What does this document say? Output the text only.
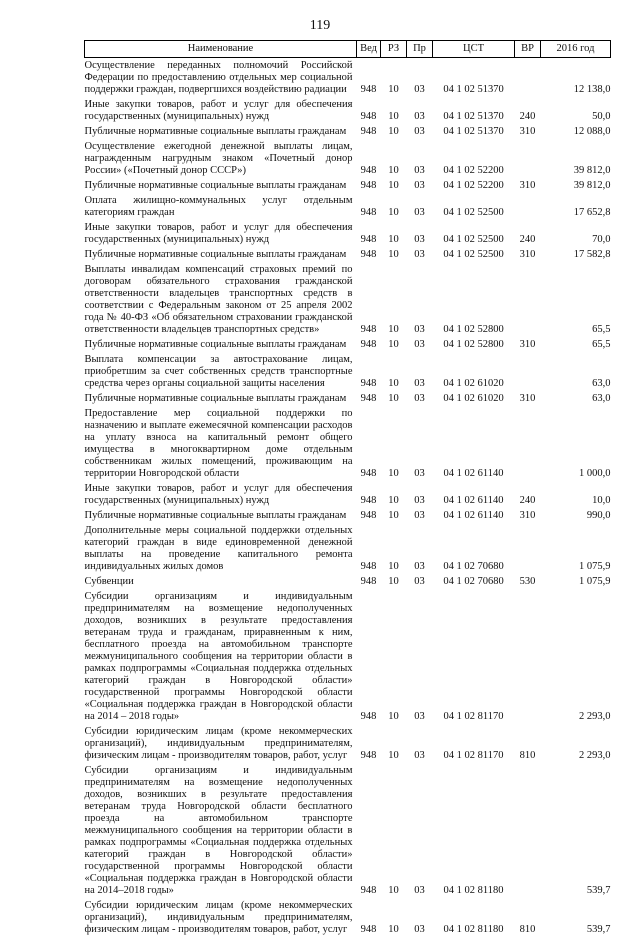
119
Наименование	Вед	РЗ	Пр	ЦСТ	ВР	2016 год
Осуществление переданных полномочий Российской Федерации по предоставлению отдельных мер социальной поддержки граждан, подвергшихся воздействию радиации	948	10	03	04 1 02 51370		12 138,0
Иные закупки товаров, работ и услуг для обеспечения государственных (муниципальных) нужд	948	10	03	04 1 02 51370	240	50,0
Публичные нормативные социальные выплаты гражданам	948	10	03	04 1 02 51370	310	12 088,0
Осуществление ежегодной денежной выплаты лицам, награжденным нагрудным знаком «Почетный донор России» («Почетный донор СССР»)	948	10	03	04 1 02 52200		39 812,0
Публичные нормативные социальные выплаты гражданам	948	10	03	04 1 02 52200	310	39 812,0
Оплата жилищно-коммунальных услуг отдельным категориям граждан	948	10	03	04 1 02 52500		17 652,8
Иные закупки товаров, работ и услуг для обеспечения государственных (муниципальных) нужд	948	10	03	04 1 02 52500	240	70,0
Публичные нормативные социальные выплаты гражданам	948	10	03	04 1 02 52500	310	17 582,8
Выплаты инвалидам компенсаций страховых премий по договорам обязательного страхования гражданской ответственности владельцев транспортных средств в соответствии с Федеральным законом от 25 апреля 2002 года № 40-ФЗ «Об обязательном страховании гражданской ответственности владельцев транспортных средств»	948	10	03	04 1 02 52800		65,5
Публичные нормативные социальные выплаты гражданам	948	10	03	04 1 02 52800	310	65,5
Выплата компенсации за автострахование лицам, приобретшим за счет собственных средств транспортные средства через органы социальной защиты населения	948	10	03	04 1 02 61020		63,0
Публичные нормативные социальные выплаты гражданам	948	10	03	04 1 02 61020	310	63,0
Предоставление мер социальной поддержки по назначению и выплате ежемесячной компенсации расходов на уплату взноса на капитальный ремонт общего имущества в многоквартирном доме отдельным собственникам жилых помещений, проживающим на территории Новгородской области	948	10	03	04 1 02 61140		1 000,0
Иные закупки товаров, работ и услуг для обеспечения государственных (муниципальных) нужд	948	10	03	04 1 02 61140	240	10,0
Публичные нормативные социальные выплаты гражданам	948	10	03	04 1 02 61140	310	990,0
Дополнительные меры социальной поддержки отдельных категорий граждан в виде единовременной денежной выплаты на проведение капитального ремонта индивидуальных жилых домов	948	10	03	04 1 02 70680		1 075,9
Субвенции	948	10	03	04 1 02 70680	530	1 075,9
Субсидии организациям и индивидуальным предпринимателям на возмещение недополученных доходов, возникших в результате предоставления ветеранам труда и гражданам, приравненным к ним, бесплатного проезда на автомобильном транспорте межмуниципального сообщения на территории области в рамках подпрограммы «Социальная поддержка отдельных категорий граждан в Новгородской области» государственной программы Новгородской области «Социальная поддержка граждан в Новгородской области на 2014 – 2018 годы»	948	10	03	04 1 02 81170		2 293,0
Субсидии юридическим лицам (кроме некоммерческих организаций), индивидуальным предпринимателям, физическим лицам - производителям товаров, работ, услуг	948	10	03	04 1 02 81170	810	2 293,0
Субсидии организациям и индивидуальным предпринимателям на возмещение недополученных доходов, возникших в результате предоставления ветеранам труда Новгородской области бесплатного проезда на автомобильном транспорте межмуниципального сообщения на территории области в рамках подпрограммы «Социальная поддержка отдельных категорий граждан в Новгородской области» государственной программы Новгородской области «Социальная поддержка граждан в Новгородской области на 2014–2018 годы»	948	10	03	04 1 02 81180		539,7
Субсидии юридическим лицам (кроме некоммерческих организаций), индивидуальным предпринимателям, физическим лицам - производителям товаров, работ, услуг	948	10	03	04 1 02 81180	810	539,7
